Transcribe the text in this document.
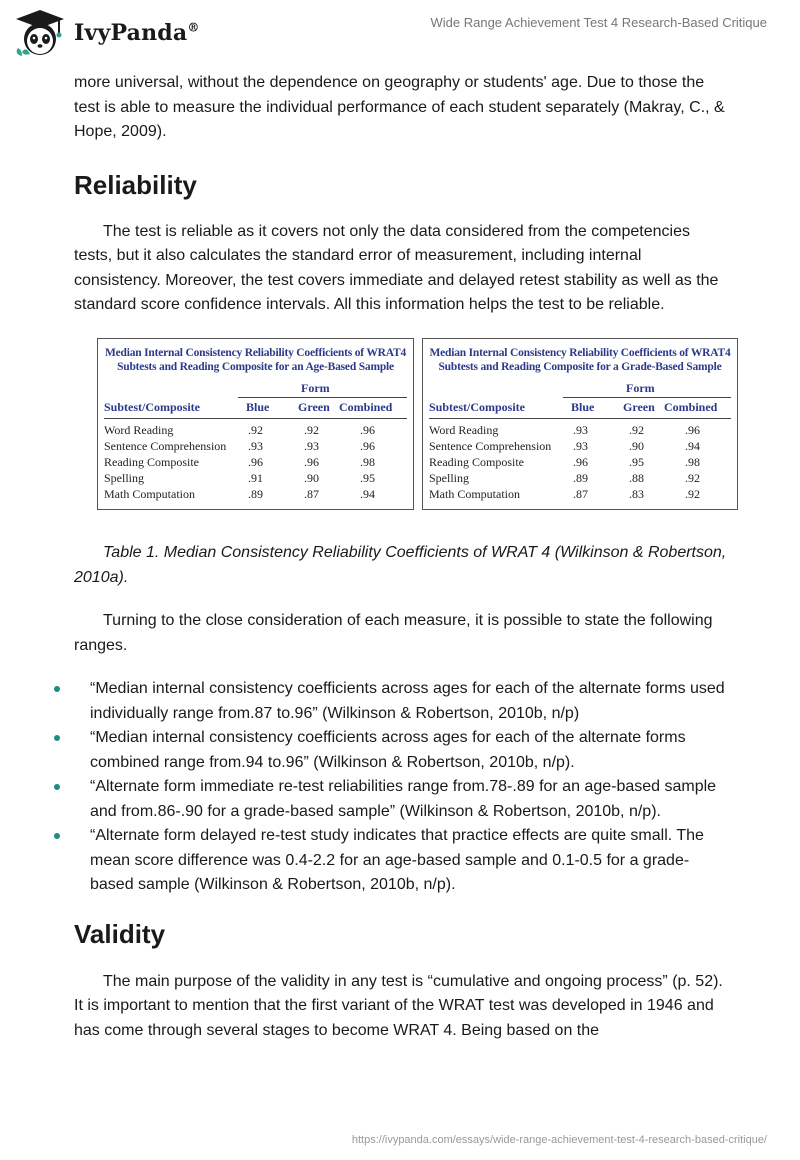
IvyPanda®	Wide Range Achievement Test 4 Research-Based Critique

more universal, without the dependence on geography or students' age. Due to those the test is able to measure the individual performance of each student separately (Makray, C., & Hope, 2009).

Reliability

The test is reliable as it covers not only the data considered from the competencies tests, but it also calculates the standard error of measurement, including internal consistency. Moreover, the test covers immediate and delayed retest stability as well as the standard score confidence intervals. All this information helps the test to be reliable.

Median Internal Consistency Reliability Coefficients of WRAT4
Subtests and Reading Composite for an Age-Based Sample
Form
Subtest/Composite	Blue Green Combined
Word Reading	.92	.92	.96
Sentence Comprehension .93	.93	.96
Reading Composite	.96	.96	.98
Spelling	.91	.90	.95
Math Computation	.89	.87	.94
Median Internal Consistency Reliability Coefficients of WRAT4
Subtests and Reading Composite for a Grade-Based Sample
Form
Subtest/Composite	Blue Green Combined
Word Reading	.93	.92	.96
Sentence Comprehension .93	.90	.94
Reading Composite	.96	.95	.98
Spelling	.89	.88	.92
Math Computation	.87	.83	.92

Table 1. Median Consistency Reliability Coefficients of WRAT 4 (Wilkinson & Robertson, 2010a).

Turning to the close consideration of each measure, it is possible to state the following ranges.

“Median internal consistency coefficients across ages for each of the alternate forms used individually range from.87 to.96” (Wilkinson & Robertson, 2010b, n/p)
“Median internal consistency coefficients across ages for each of the alternate forms combined range from.94 to.96” (Wilkinson & Robertson, 2010b, n/p).
“Alternate form immediate re-test reliabilities range from.78-.89 for an age-based sample and from.86-.90 for a grade-based sample” (Wilkinson & Robertson, 2010b, n/p).
“Alternate form delayed re-test study indicates that practice effects are quite small. The mean score difference was 0.4-2.2 for an age-based sample and 0.1-0.5 for a grade-based sample (Wilkinson & Robertson, 2010b, n/p).
Validity

The main purpose of the validity in any test is “cumulative and ongoing process” (p. 52). It is important to mention that the first variant of the WRAT test was developed in 1946 and has come through several stages to become WRAT 4. Being based on the

https://ivypanda.com/essays/wide-range-achievement-test-4-research-based-critique/
